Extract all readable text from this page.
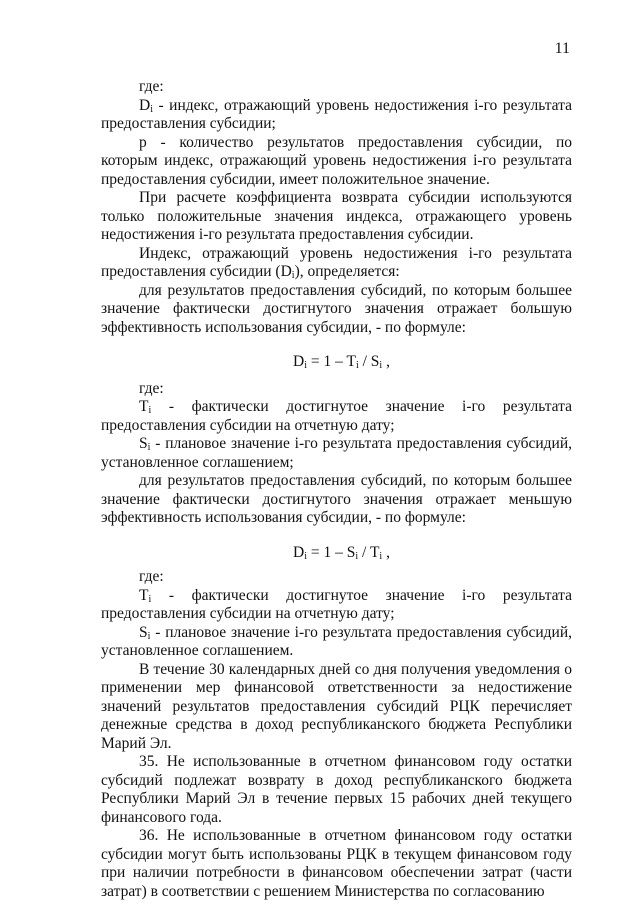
11

где:

$D_i$ - индекс, отражающий уровень недостижения i-го результата предоставления субсидии;

р - количество результатов предоставления субсидии, по которым индекс, отражающий уровень недостижения i-го результата предоставления субсидии, имеет положительное значение.

При расчете коэффициента возврата субсидии используются только положительные значения индекса, отражающего уровень недостижения i-го результата предоставления субсидии.

Индекс, отражающий уровень недостижения i-го результата предоставления субсидии $(D_i)$, определяется:

для результатов предоставления субсидий, по которым большее значение фактически достигнутого значения отражает большую эффективность использования субсидии, - по формуле:

$D_i = 1 - T_i / S_i$ ,

где:

$T_i$ - фактически достигнутое значение i-го результата предоставления субсидии на отчетную дату;

$S_i$ - плановое значение i-го результата предоставления субсидий, установленное соглашением;

для результатов предоставления субсидий, по которым большее значение фактически достигнутого значения отражает меньшую эффективность использования субсидии, - по формуле:

$D_i = 1 - S_i / T_i$ ,

где:

$T_i$ - фактически достигнутое значение i-го результата предоставления субсидии на отчетную дату;

$S_i$ - плановое значение i-го результата предоставления субсидий, установленное соглашением.

В течение 30 календарных дней со дня получения уведомления о применении мер финансовой ответственности за недостижение значений результатов предоставления субсидий РЦК перечисляет денежные средства в доход республиканского бюджета Республики Марий Эл.

35. Не использованные в отчетном финансовом году остатки субсидий подлежат возврату в доход республиканского бюджета Республики Марий Эл в течение первых 15 рабочих дней текущего финансового года.

36. Не использованные в отчетном финансовом году остатки субсидии могут быть использованы РЦК в текущем финансовом году при наличии потребности в финансовом обеспечении затрат (части затрат) в соответствии с решением Министерства по согласованию
